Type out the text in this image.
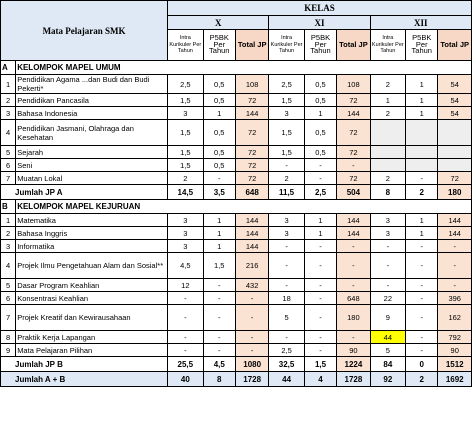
Mata Pelajaran SMK		KELAS								
		X			XI			XII		
		Intra Kurikuler Per Tahun	P5BK Per Tahun	Total JP	Intra Kurikuler Per Tahun	P5BK Per Tahun	Total JP	Intra Kurikuler Per Tahun	P5BK Per Tahun	Total JP
A	KELOMPOK MAPEL UMUM									
1	Pendidikan Agama ...dan Budi dan Budi Pekerti*	2,5	0,5	108	2,5	0,5	108	2	1	54
2	Pendidikan Pancasila	1,5	0,5	72	1,5	0,5	72	1	1	54
3	Bahasa Indonesia	3	1	144	3	1	144	2	1	54
4	Pendidikan Jasmani, Olahraga dan Kesehatan	1,5	0,5	72	1,5	0,5	72			
5	Sejarah	1,5	0,5	72	1,5	0,5	72			
6	Seni	1,5	0,5	72	-	-	-			
7	Muatan Lokal	2	-	72	2	-	72	2	-	72
Jumlah JP A		14,5	3,5	648	11,5	2,5	504	8	2	180
B	KELOMPOK MAPEL KEJURUAN									
1	Matematika	3	1	144	3	1	144	3	1	144
2	Bahasa Inggris	3	1	144	3	1	144	3	1	144
3	Informatika	3	1	144	-	-	-	-	-	-
4	Projek Ilmu Pengetahuan Alam dan Sosial**	4,5	1,5	216	-	-	-	-	-	-
5	Dasar Program Keahlian	12	-	432	-	-	-	-	-	-
6	Konsentrasi Keahlian	-	-	-	18	-	648	22	-	396
7	Projek Kreatif dan Kewirausahaan	-	-	-	5	-	180	9	-	162
8	Praktik Kerja Lapangan	-	-	-	-	-	-	44	-	792
9	Mata Pelajaran Pilihan	-	-	-	2,5	-	90	5	-	90
Jumlah JP B		25,5	4,5	1080	32,5	1,5	1224	84	0	1512
Jumlah A + B		40	8	1728	44	4	1728	92	2	1692
